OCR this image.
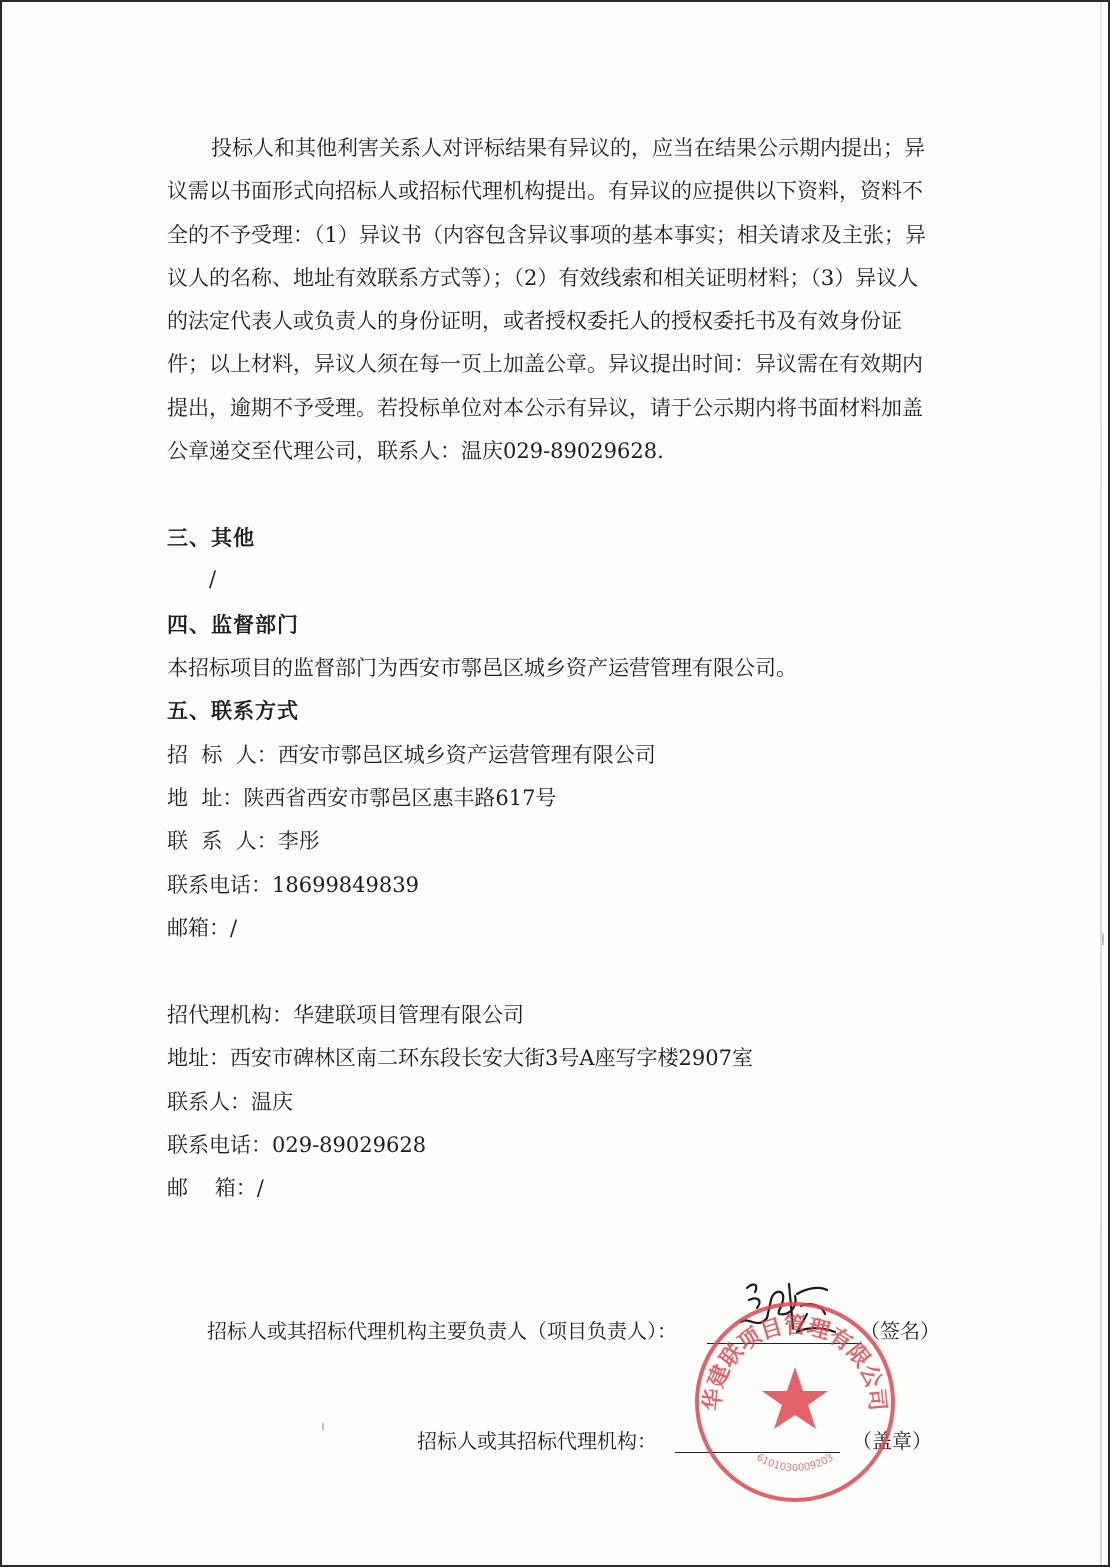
投标人和其他利害关系人对评标结果有异议的，应当在结果公示期内提出；异议需以书面形式向招标人或招标代理机构提出。有异议的应提供以下资料，资料不全的不予受理：（1）异议书（内容包含异议事项的基本事实；相关请求及主张；异议人的名称、地址有效联系方式等）；（2）有效线索和相关证明材料；（3）异议人的法定代表人或负责人的身份证明，或者授权委托人的授权委托书及有效身份证件；以上材料，异议人须在每一页上加盖公章。异议提出时间：异议需在有效期内提出，逾期不予受理。若投标单位对本公示有异议，请于公示期内将书面材料加盖公章递交至代理公司，联系人：温庆029-89029628.

三、其他
/
四、监督部门
本招标项目的监督部门为西安市鄠邑区城乡资产运营管理有限公司。
五、联系方式
招  标  人：西安市鄠邑区城乡资产运营管理有限公司
地  址：陕西省西安市鄠邑区惠丰路617号
联  系  人：李彤
联系电话：18699849839
邮箱：/
招代理机构：华建联项目管理有限公司
地址：西安市碑林区南二环东段长安大街3号A座写字楼2907室
联系人：温庆
联系电话：029-89029628
邮    箱：/
招标人或其招标代理机构主要负责人（项目负责人）：	（签名）
招标人或其招标代理机构：	（盖章）
华建联项目管理有限公司
6101030009203
